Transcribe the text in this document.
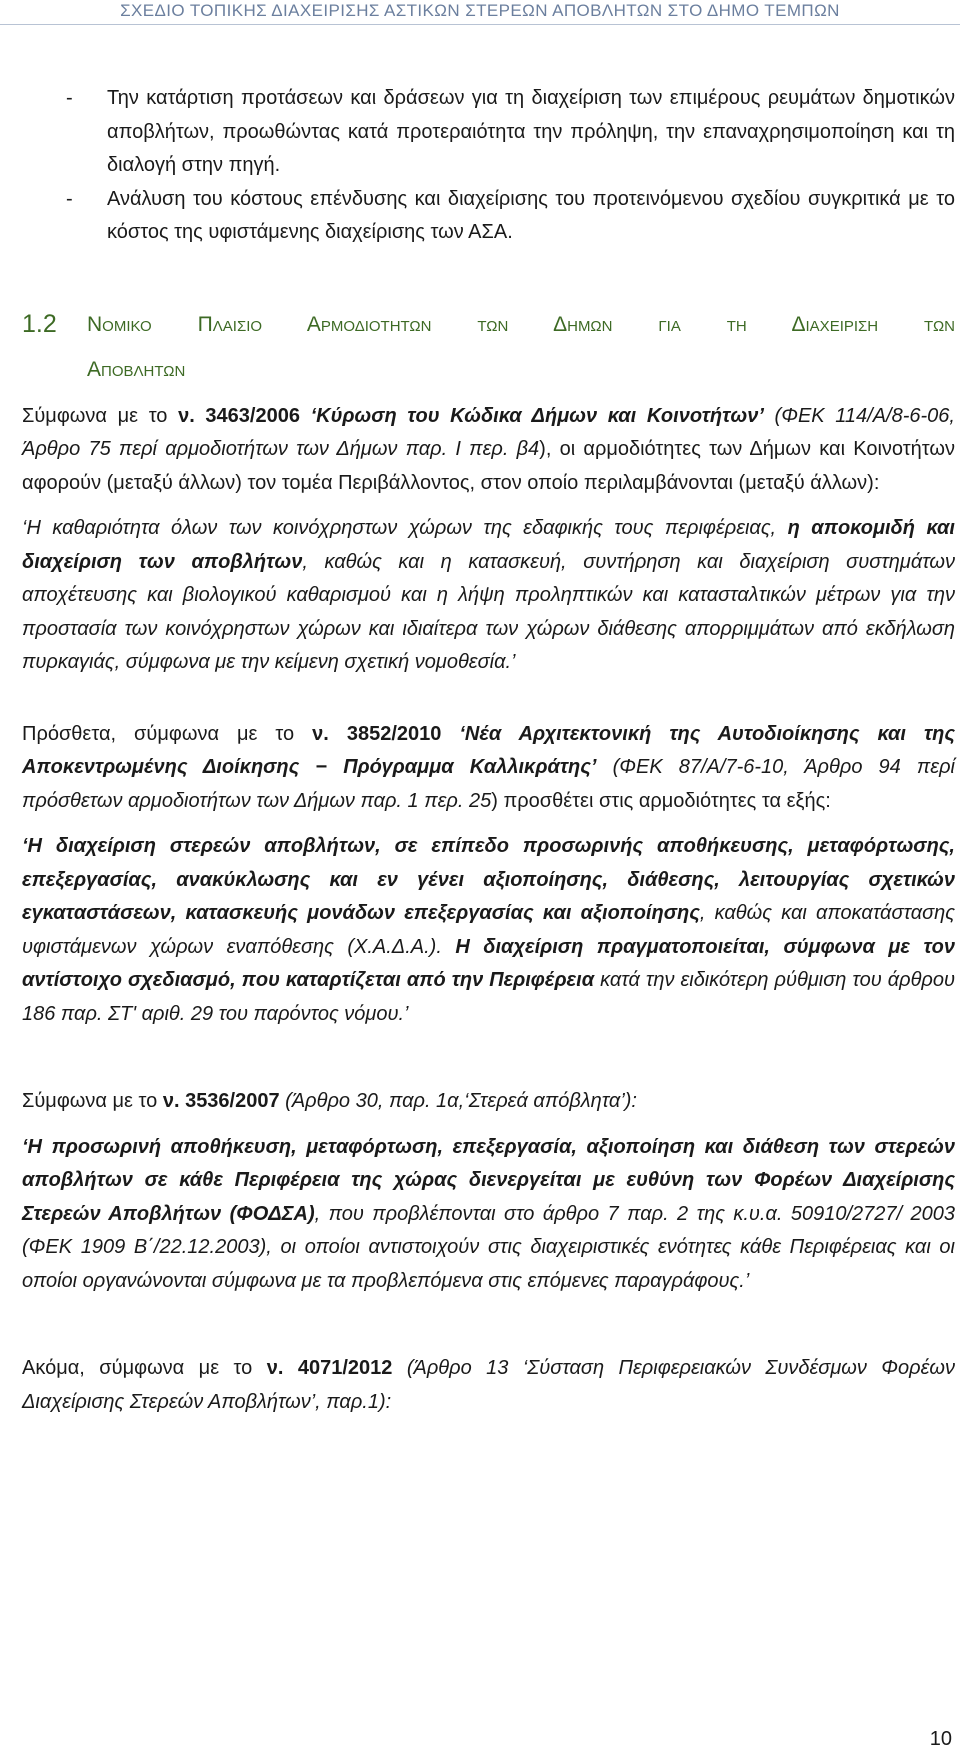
ΣΧΕΔΙΟ ΤΟΠΙΚΗΣ ΔΙΑΧΕΙΡΙΣΗΣ ΑΣΤΙΚΩΝ ΣΤΕΡΕΩΝ ΑΠΟΒΛΗΤΩΝ ΣΤΟ ΔΗΜΟ ΤΕΜΠΩΝ
- Την κατάρτιση προτάσεων και δράσεων για τη διαχείριση των επιμέρους ρευμάτων δημοτικών αποβλήτων, προωθώντας κατά προτεραιότητα την πρόληψη, την επαναχρησιμοποίηση και τη διαλογή στην πηγή.
- Ανάλυση του κόστους επένδυσης και διαχείρισης του προτεινόμενου σχεδίου συγκριτικά με το κόστος της υφιστάμενης διαχείρισης των ΑΣΑ.
1.2 Νομικο Πλαισιο Αρμοδιοτητων των Δημων για τη Διαχειριση των
Αποβλητων

Σύμφωνα με το ν. 3463/2006 ‘Κύρωση του Κώδικα Δήμων και Κοινοτήτων’ (ΦΕΚ 114/Α/8-6-06, Άρθρο 75 περί αρμοδιοτήτων των Δήμων παρ. Ι περ. β4), οι αρμοδιότητες των Δήμων και Κοινοτήτων αφορούν (μεταξύ άλλων) τον τομέα Περιβάλλοντος, στον οποίο περιλαμβάνονται (μεταξύ άλλων):

‘Η καθαριότητα όλων των κοινόχρηστων χώρων της εδαφικής τους περιφέρειας, η αποκομιδή και διαχείριση των αποβλήτων, καθώς και η κατασκευή, συντήρηση και διαχείριση συστημάτων αποχέτευσης και βιολογικού καθαρισμού και η λήψη προληπτικών και κατασταλτικών μέτρων για την προστασία των κοινόχρηστων χώρων και ιδιαίτερα των χώρων διάθεσης απορριμμάτων από εκδήλωση πυρκαγιάς, σύμφωνα με την κείμενη σχετική νομοθεσία.’

Πρόσθετα, σύμφωνα με το ν. 3852/2010 ‘Νέα Αρχιτεκτονική της Αυτοδιοίκησης και της Αποκεντρωμένης Διοίκησης − Πρόγραμμα Καλλικράτης’ (ΦΕΚ 87/Α/7-6-10, Άρθρο 94 περί πρόσθετων αρμοδιοτήτων των Δήμων παρ. 1 περ. 25) προσθέτει στις αρμοδιότητες τα εξής:

‘Η διαχείριση στερεών αποβλήτων, σε επίπεδο προσωρινής αποθήκευσης, μεταφόρτωσης, επεξεργασίας, ανακύκλωσης και εν γένει αξιοποίησης, διάθεσης, λειτουργίας σχετικών εγκαταστάσεων, κατασκευής μονάδων επεξεργασίας και αξιοποίησης, καθώς και αποκατάστασης υφιστάμενων χώρων εναπόθεσης (Χ.Α.Δ.Α.). Η διαχείριση πραγματοποιείται, σύμφωνα με τον αντίστοιχο σχεδιασμό, που καταρτίζεται από την Περιφέρεια κατά την ειδικότερη ρύθμιση του άρθρου 186 παρ. ΣΤ' αριθ. 29 του παρόντος νόμου.’

Σύμφωνα με το ν. 3536/2007 (Άρθρο 30, παρ. 1α,‘Στερεά απόβλητα’):

‘Η προσωρινή αποθήκευση, μεταφόρτωση, επεξεργασία, αξιοποίηση και διάθεση των στερεών αποβλήτων σε κάθε Περιφέρεια της χώρας διενεργείται με ευθύνη των Φορέων Διαχείρισης Στερεών Αποβλήτων (ΦΟΔΣΑ), που προβλέπονται στο άρθρο 7 παρ. 2 της κ.υ.α. 50910/2727/ 2003 (ΦΕΚ 1909 Β΄/22.12.2003), οι οποίοι αντιστοιχούν στις διαχειριστικές ενότητες κάθε Περιφέρειας και οι οποίοι οργανώνονται σύμφωνα με τα προβλεπόμενα στις επόμενες παραγράφους.’

Ακόμα, σύμφωνα με το ν. 4071/2012 (Άρθρο 13 ‘Σύσταση Περιφερειακών Συνδέσμων Φορέων Διαχείρισης Στερεών Αποβλήτων’, παρ.1):

10
